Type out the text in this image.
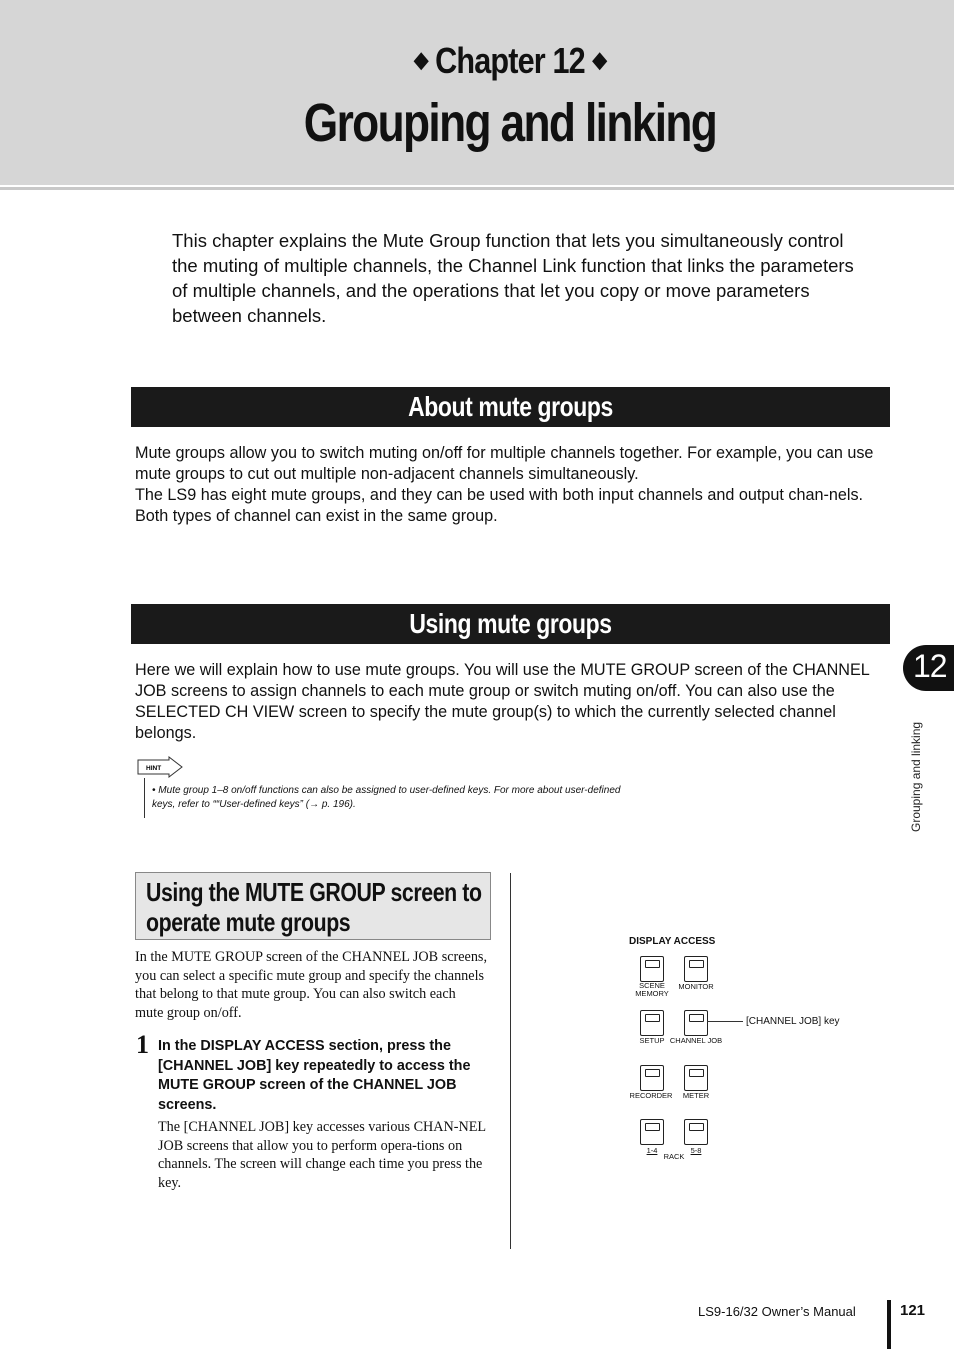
◆ Chapter 12 ◆
Grouping and linking
This chapter explains the Mute Group function that lets you simultaneously control the muting of multiple channels, the Channel Link function that links the parameters of multiple channels, and the operations that let you copy or move parameters between channels.
About mute groups
Mute groups allow you to switch muting on/off for multiple channels together. For example, you can use mute groups to cut out multiple non-adjacent channels simultaneously.
The LS9 has eight mute groups, and they can be used with both input channels and output chan-nels. Both types of channel can exist in the same group.
Using mute groups
Here we will explain how to use mute groups. You will use the MUTE GROUP screen of the CHANNEL JOB screens to assign channels to each mute group or switch muting on/off. You can also use the SELECTED CH VIEW screen to specify the mute group(s) to which the currently selected channel belongs.
12
Grouping and linking
HINT
• Mute group 1–8 on/off functions can also be assigned to user-defined keys. For more about user-defined keys, refer to ““User-defined keys” (→ p. 196).
Using the MUTE GROUP screen to operate mute groups
In the MUTE GROUP screen of the CHANNEL JOB screens, you can select a specific mute group and specify the channels that belong to that mute group. You can also switch each mute group on/off.
1 In the DISPLAY ACCESS section, press the [CHANNEL JOB] key repeatedly to access the MUTE GROUP screen of the CHANNEL JOB screens.
The [CHANNEL JOB] key accesses various CHAN-NEL JOB screens that allow you to perform opera-tions on channels. The screen will change each time you press the key.
DISPLAY ACCESS
SCENE MEMORY
MONITOR
SETUP CHANNEL JOB
[CHANNEL JOB] key
RECORDER	METER
1-4	5-8
RACK
LS9-16/32 Owner’s Manual	121
